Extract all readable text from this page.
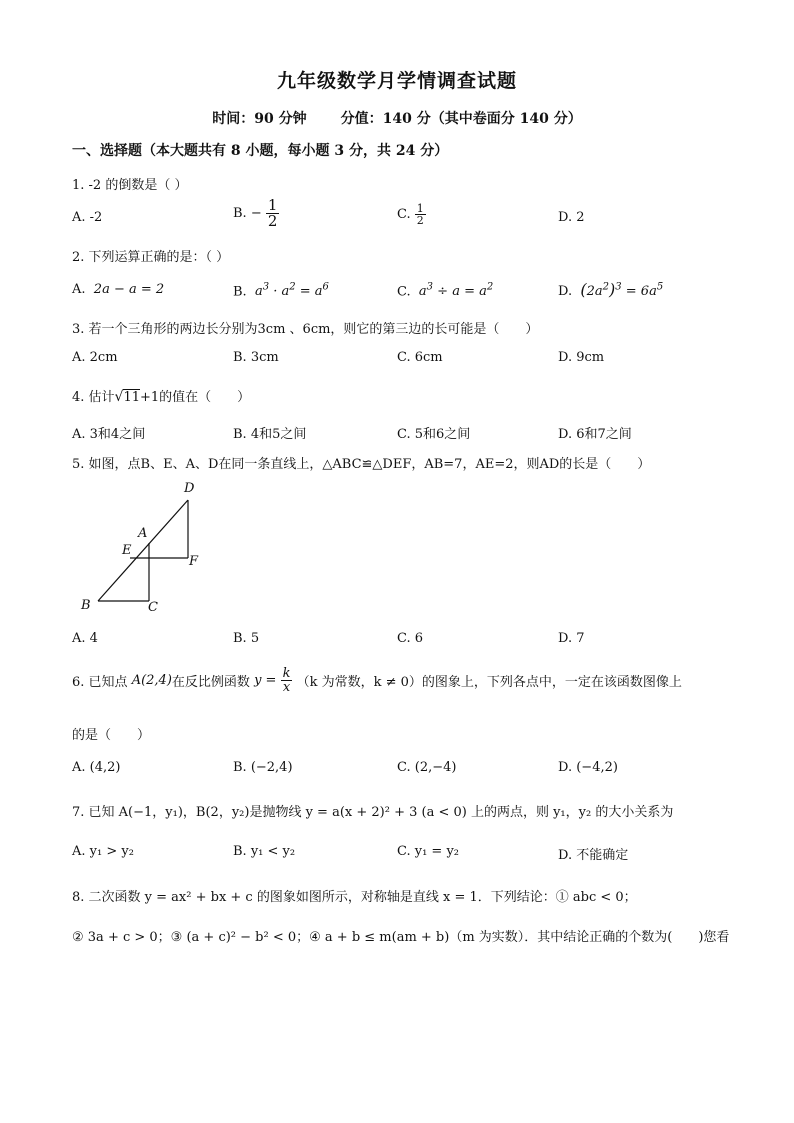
九年级数学月学情调查试题
时间：90 分钟 分值：140 分（其中卷面分 140 分）
一、选择题（本大题共有 8 小题，每小题 3 分，共 24 分）
1. -2 的倒数是（ ）
A. -2	B. − $\frac{1}{2}$	C. $\frac{1}{2}$	D. 2
2. 下列运算正确的是：（ ）
A. 2a − a = 2	B. $a^3 \cdot a^2 = a^6$	C. $a^3 \div a = a^2$	D. $(2a^2)^3 = 6a^5$
3. 若一个三角形的两边长分别为3cm 、6cm，则它的第三边的长可能是（　　）
A. 2cm	B. 3cm	C. 6cm	D. 9cm
4. 估计√11+1的值在（　　）
A. 3和4之间	B. 4和5之间	C. 5和6之间	D. 6和7之间
5. 如图，点B、E、A、D在同一条直线上，△ABC≌△DEF，AB=7，AE=2，则AD的长是（　　）
D
A
E
F
B	C
A. 4	B. 5	C. 6	D. 7
6. 已知点 A(2,4)在反比例函数 $y = \frac{k}{x} (k$ 为常数，k ≠ 0）的图象上，下列各点中，一定在该函数图像上
的是（　　）
A. (4,2)	B. (−2,4)	C. (2,−4)	D. (−4,2)
7. 已知 A(−1，y₁)，B(2，y₂)是抛物线 y = a(x + 2)² + 3 (a < 0) 上的两点，则 y₁，y₂ 的大小关系为
A. y₁ > y₂	B. y₁ < y₂	C. y₁ = y₂	D. 不能确定
8. 二次函数 y = ax² + bx + c 的图象如图所示，对称轴是直线 x = 1．下列结论：① abc < 0；
② 3a + c > 0；③ (a + c)² − b² < 0；④ a + b ≤ m(am + b)（m 为实数）．其中结论正确的个数为(　　)您看
